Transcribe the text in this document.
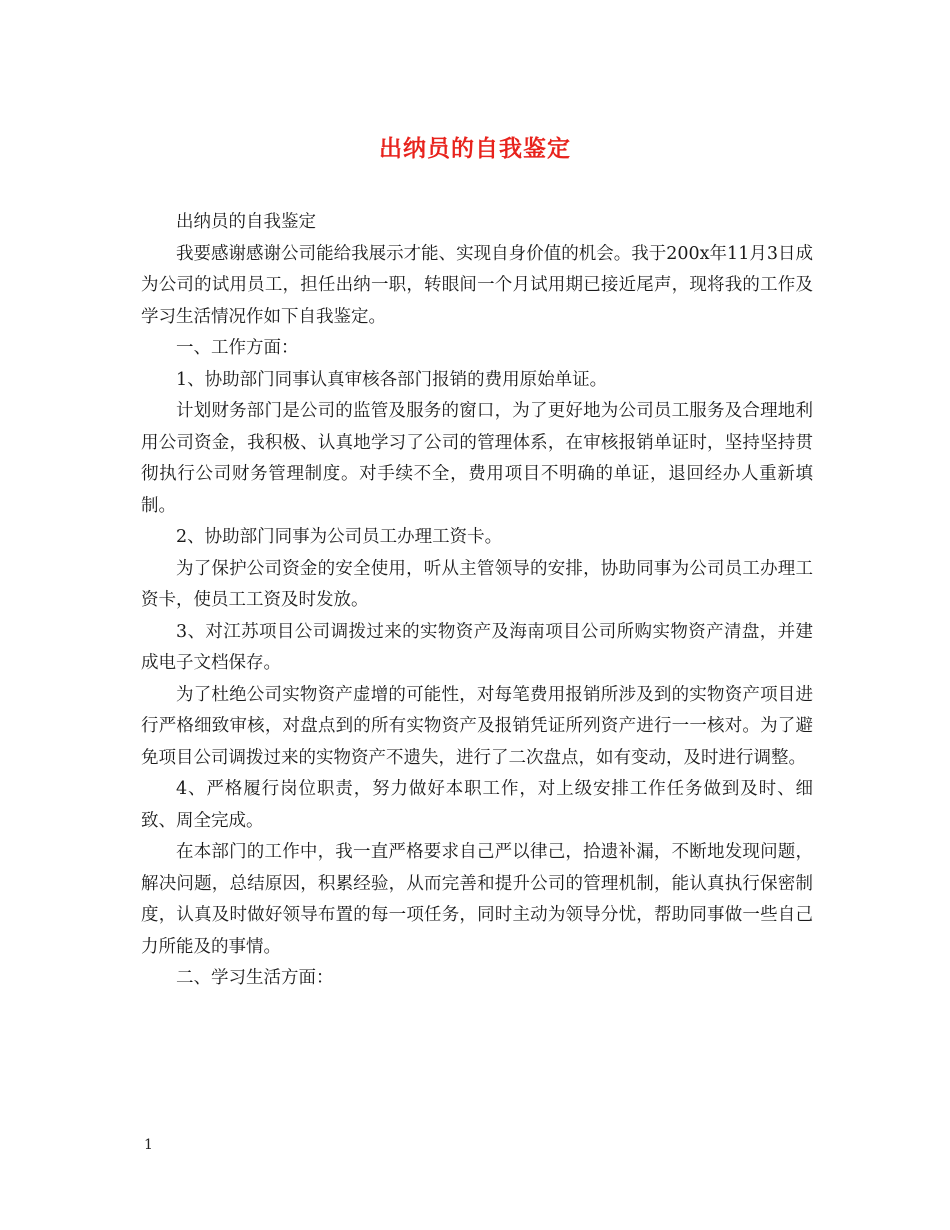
出纳员的自我鉴定

出纳员的自我鉴定

我要感谢感谢公司能给我展示才能、实现自身价值的机会。我于200x年11月3日成为公司的试用员工，担任出纳一职，转眼间一个月试用期已接近尾声，现将我的工作及学习生活情况作如下自我鉴定。

一、工作方面：

1、协助部门同事认真审核各部门报销的费用原始单证。

计划财务部门是公司的监管及服务的窗口，为了更好地为公司员工服务及合理地利用公司资金，我积极、认真地学习了公司的管理体系，在审核报销单证时，坚持坚持贯彻执行公司财务管理制度。对手续不全，费用项目不明确的单证，退回经办人重新填制。

2、协助部门同事为公司员工办理工资卡。

为了保护公司资金的安全使用，听从主管领导的安排，协助同事为公司员工办理工资卡，使员工工资及时发放。

3、对江苏项目公司调拨过来的实物资产及海南项目公司所购实物资产清盘，并建成电子文档保存。

为了杜绝公司实物资产虚增的可能性，对每笔费用报销所涉及到的实物资产项目进行严格细致审核，对盘点到的所有实物资产及报销凭证所列资产进行一一核对。为了避免项目公司调拨过来的实物资产不遗失，进行了二次盘点，如有变动，及时进行调整。

4、严格履行岗位职责，努力做好本职工作，对上级安排工作任务做到及时、细致、周全完成。

在本部门的工作中，我一直严格要求自己严以律己，拾遗补漏，不断地发现问题，解决问题，总结原因，积累经验，从而完善和提升公司的管理机制，能认真执行保密制度，认真及时做好领导布置的每一项任务，同时主动为领导分忧，帮助同事做一些自己力所能及的事情。

二、学习生活方面：

1
